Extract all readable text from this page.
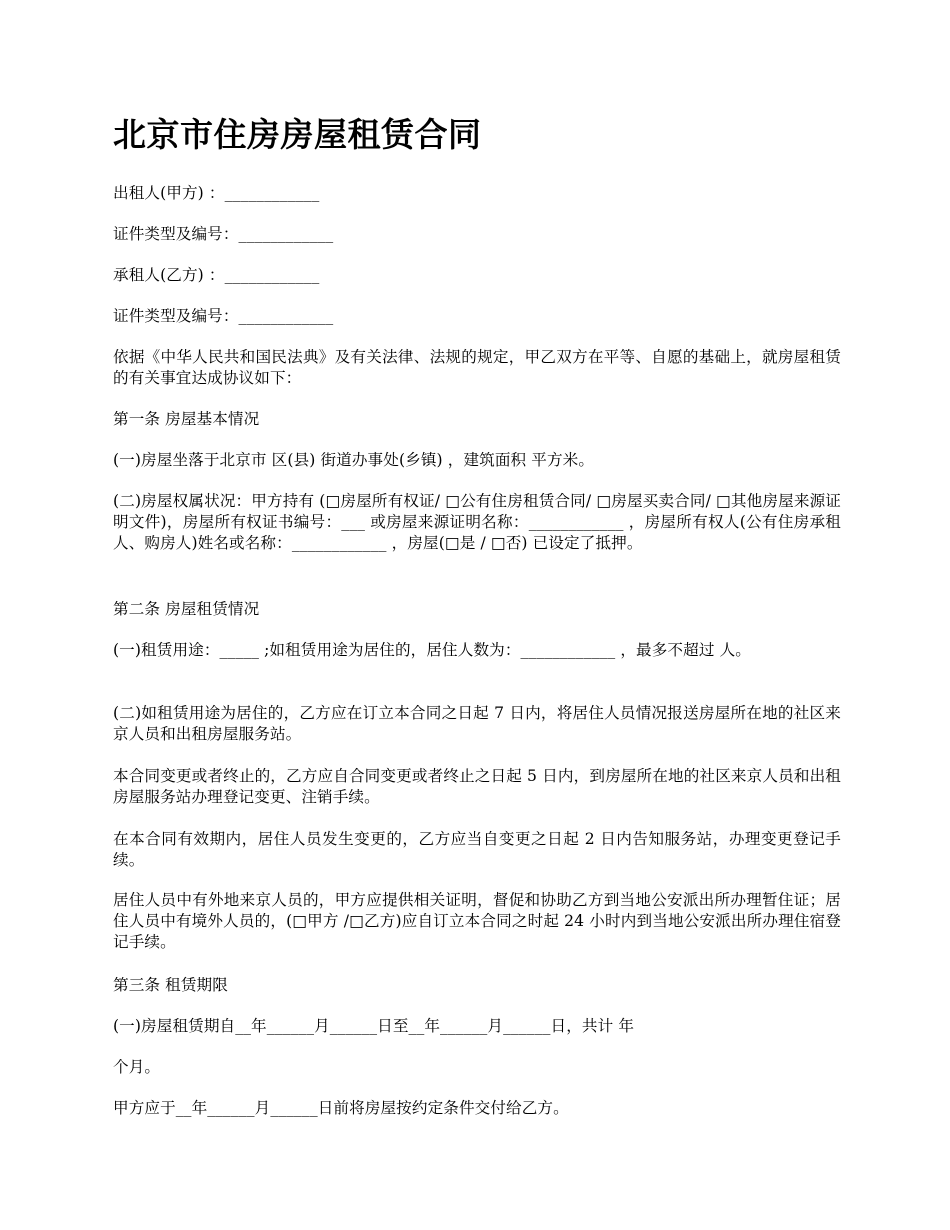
北京市住房房屋租赁合同

出租人(甲方) ：____________

证件类型及编号：____________

承租人(乙方) ：____________

证件类型及编号：____________

依据《中华人民共和国民法典》及有关法律、法规的规定，甲乙双方在平等、自愿的基础上，就房屋租赁的有关事宜达成协议如下：

第一条 房屋基本情况

(一)房屋坐落于北京市 区(县) 街道办事处(乡镇) ，建筑面积 平方米。

(二)房屋权属状况：甲方持有 (□房屋所有权证/ □公有住房租赁合同/ □房屋买卖合同/ □其他房屋来源证明文件)，房屋所有权证书编号：___ 或房屋来源证明名称：____________ ，房屋所有权人(公有住房承租人、购房人)姓名或名称：____________ ，房屋(□是 / □否) 已设定了抵押。

第二条 房屋租赁情况

(一)租赁用途：_____ ;如租赁用途为居住的，居住人数为：____________ ，最多不超过 人。

(二)如租赁用途为居住的，乙方应在订立本合同之日起 7 日内，将居住人员情况报送房屋所在地的社区来京人员和出租房屋服务站。

本合同变更或者终止的，乙方应自合同变更或者终止之日起 5 日内，到房屋所在地的社区来京人员和出租房屋服务站办理登记变更、注销手续。

在本合同有效期内，居住人员发生变更的，乙方应当自变更之日起 2 日内告知服务站，办理变更登记手续。

居住人员中有外地来京人员的，甲方应提供相关证明，督促和协助乙方到当地公安派出所办理暂住证；居住人员中有境外人员的，(□甲方 /□乙方)应自订立本合同之时起 24 小时内到当地公安派出所办理住宿登记手续。

第三条 租赁期限

(一)房屋租赁期自__年______月______日至__年______月______日，共计 年

个月。

甲方应于__年______月______日前将房屋按约定条件交付给乙方。
